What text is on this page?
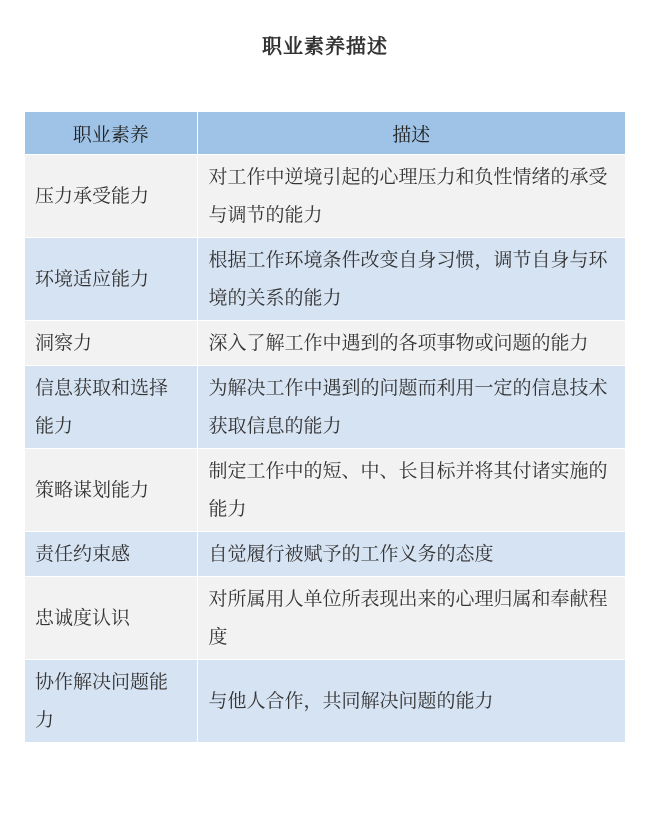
职业素养描述
职业素养	描述
压力承受能力	对工作中逆境引起的心理压力和负性情绪的承受与调节的能力
环境适应能力	根据工作环境条件改变自身习惯，调节自身与环境的关系的能力
洞察力	深入了解工作中遇到的各项事物或问题的能力
信息获取和选择能力	为解决工作中遇到的问题而利用一定的信息技术获取信息的能力
策略谋划能力	制定工作中的短、中、长目标并将其付诸实施的能力
责任约束感	自觉履行被赋予的工作义务的态度
忠诚度认识	对所属用人单位所表现出来的心理归属和奉献程度
协作解决问题能力	与他人合作，共同解决问题的能力
